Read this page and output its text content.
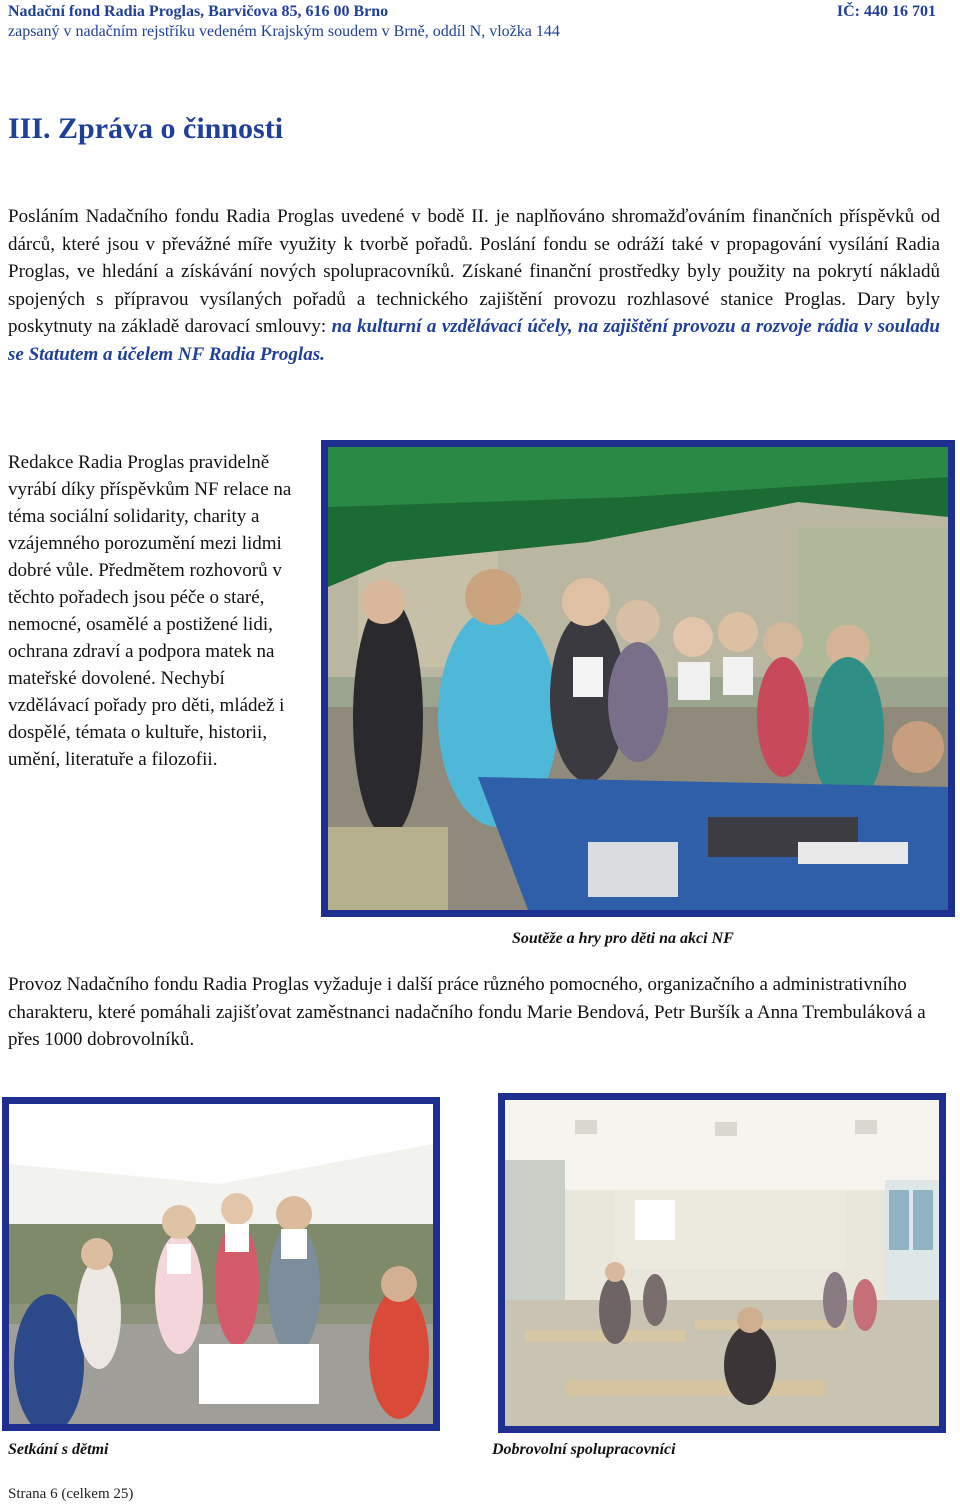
Nadační fond Radia Proglas, Barvičova 85, 616 00 Brno	IČ: 440 16 701
zapsaný v nadačním rejstříku vedeném Krajským soudem v Brně, oddíl N, vložka 144
III. Zpráva o činnosti
Posláním Nadačního fondu Radia Proglas uvedené v bodě II. je naplňováno shromažďováním finančních příspěvků od dárců, které jsou v převážné míře využity k tvorbě pořadů. Poslání fondu se odráží také v propagování vysílání Radia Proglas, ve hledání a získávání nových spolupracovníků. Získané finanční prostředky byly použity na pokrytí nákladů spojených s přípravou vysílaných pořadů a technického zajištění provozu rozhlasové stanice Proglas. Dary byly poskytnuty na základě darovací smlouvy: na kulturní a vzdělávací účely, na zajištění provozu a rozvoje rádia v souladu se Statutem a účelem NF Radia Proglas.
Redakce Radia Proglas pravidelně vyrábí díky příspěvkům NF relace na téma sociální solidarity, charity a vzájemného porozumění mezi lidmi dobré vůle. Předmětem rozhovorů v těchto pořadech jsou péče o staré, nemocné, osamělé a postižené lidi, ochrana zdraví a podpora matek na mateřské dovolené. Nechybí vzdělávací pořady pro děti, mládež i dospělé, témata o kultuře, historii, umění, literatuře a filozofii.
Soutěže a hry pro děti na akci NF
Provoz Nadačního fondu Radia Proglas vyžaduje i další práce různého pomocného, organizačního a administrativního charakteru, které pomáhali zajišťovat zaměstnanci nadačního fondu Marie Bendová, Petr Buršík a Anna Trembuláková a přes 1000 dobrovolníků.
Setkání s dětmi	Dobrovolní spolupracovníci
Strana 6 (celkem 25)
